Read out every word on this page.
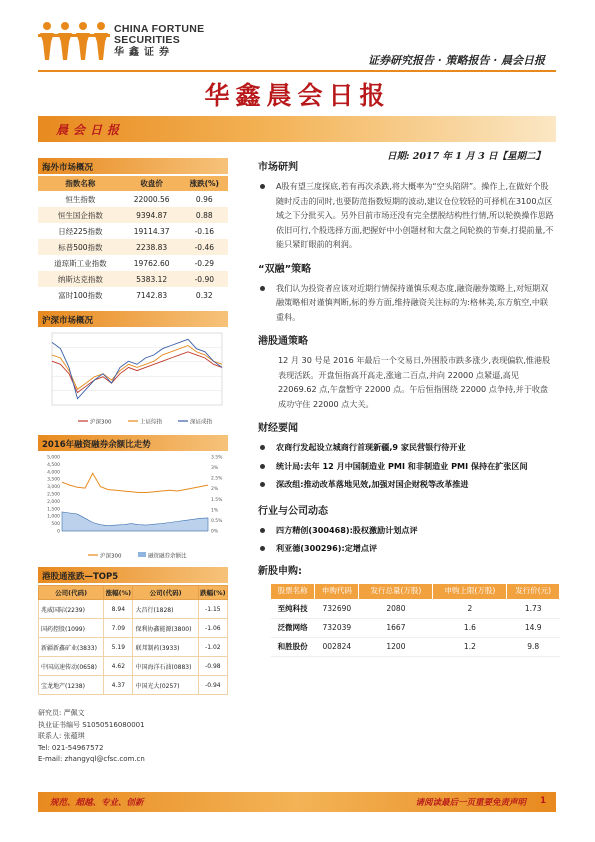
CHINA FORTUNE
SECURITIES
华鑫证券
证券研究报告 · 策略报告 · 晨会日报
华鑫晨会日报
晨会日报
日期: 2017 年 1 月 3 日【星期二】
海外市场概况
指数名称	收盘价	涨跌(%)
恒生指数	22000.56	0.96
恒生国企指数	9394.87	0.88
日经225指数	19114.37	-0.16
标普500指数	2238.83	-0.46
道琼斯工业指数	19762.60	-0.29
纳斯达克指数	5383.12	-0.90
富时100指数	7142.83	0.32
沪深市场概况
沪深300	上证综指	深证成指
2016年融资融券余额比走势
0
500
1,000
1,500
2,000
2,500
3,000
3,500
4,000
4,500
5,000
0%
0.5%
1%
1.5%
2%
2.5%
3%
3.5%
沪深300	融资融券余额比
港股通涨跌—TOP5
公司(代码)	涨幅(%)	公司(代码)	跌幅(%)
兆威国际(2239)	8.94	大昌行(1828)	-1.15
国药控股(1099)	7.09	保利协鑫能源(3800)	-1.06
新疆新鑫矿业(3833)	5.19	联邦制药(3933)	-1.02
中国高速传动(0658)	4.62	中国海洋石油(0883)	-0.98
宝龙地产(1238)	4.37	中国光大(0257)	-0.94
研究员: 严佩文
执业证书编号 S1050516080001
联系人: 张蕴琪
Tel: 021-54967572
E-mail: zhangyql@cfsc.com.cn
市场研判
A股有望三度探底,若有再次杀跌,将大概率为“空头陷阱”。操作上,在做好个股随时反击的同时,也要防范指数短期的波动,建议仓位较轻的可择机在3100点区域之下分批买入。另外目前市场还没有完全摆脱结构性行情,所以轮换操作思路依旧可行,个股选择方面,把握好中小创题材和大盘之间轮换的节奏,打提前量,不能只紧盯眼前的利润。
“双融”策略
我们认为投资者应该对近期行情保持谨慎乐观态度,融资融券策略上,对短期双融策略相对谨慎判断,标的券方面,维持融资关注标的为:格林美,东方航空,中联重科。
港股通策略
12 月 30 号是 2016 年最后一个交易日,外围股市跌多涨少,表现偏软,惟港股表现活跃。开盘恒指高开高走,涨逾二百点,并向 22000 点紧逼,高见 22069.62 点,午盘暂守 22000 点。午后恒指围绕 22000 点争持,并于收盘成功守住 22000 点大关。
财经要闻
农商行发起设立城商行首现新疆,9 家民营银行待开业
统计局:去年 12 月中国制造业 PMI 和非制造业 PMI 保持在扩张区间
深改组:推动改革落地见效,加强对国企财税等改革推进
行业与公司动态
四方精创(300468):股权激励计划点评
利亚德(300296):定增点评
新股申购:
股票名称	申购代码	发行总量(万股)	申购上限(万股)	发行价(元)
至纯科技	732690	2080	2	1.73
泛微网络	732039	1667	1.6	14.9
和胜股份	002824	1200	1.2	9.8
规范、超越、专业、创新	请阅读最后一页重要免责声明 1
